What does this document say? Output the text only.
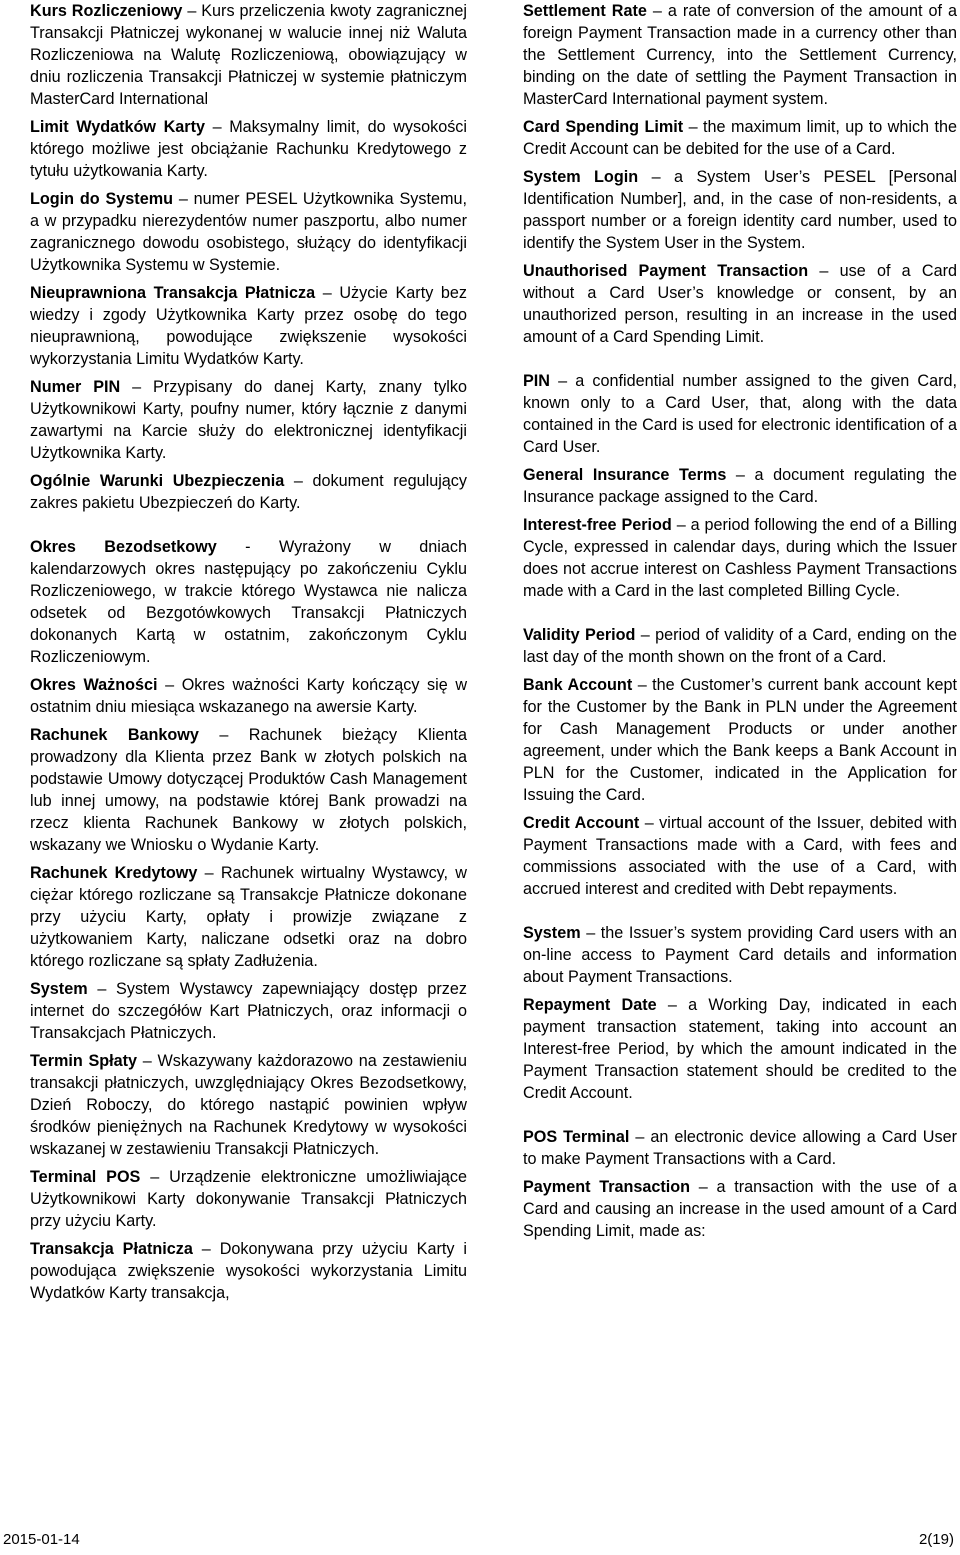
Kurs Rozliczeniowy – Kurs przeliczenia kwoty zagranicznej Transakcji Płatniczej wykonanej w walucie innej niż Waluta Rozliczeniowa na Walutę Rozliczeniową, obowiązujący w dniu rozliczenia Transakcji Płatniczej w systemie płatniczym MasterCard International

Limit Wydatków Karty – Maksymalny limit, do wysokości którego możliwe jest obciążanie Rachunku Kredytowego z tytułu użytkowania Karty.

Login do Systemu – numer PESEL Użytkownika Systemu, a w przypadku nierezydentów numer paszportu, albo numer zagranicznego dowodu osobistego, służący do identyfikacji Użytkownika Systemu w Systemie.

Nieuprawniona Transakcja Płatnicza – Użycie Karty bez wiedzy i zgody Użytkownika Karty przez osobę do tego nieuprawnioną, powodujące zwiększenie wysokości wykorzystania Limitu Wydatków Karty.

Numer PIN – Przypisany do danej Karty, znany tylko Użytkownikowi Karty, poufny numer, który łącznie z danymi zawartymi na Karcie służy do elektronicznej identyfikacji Użytkownika Karty.

Ogólnie Warunki Ubezpieczenia – dokument regulujący zakres pakietu Ubezpieczeń do Karty.

Okres Bezodsetkowy - Wyrażony w dniach kalendarzowych okres następujący po zakończeniu Cyklu Rozliczeniowego, w trakcie którego Wystawca nie nalicza odsetek od Bezgotówkowych Transakcji Płatniczych dokonanych Kartą w ostatnim, zakończonym Cyklu Rozliczeniowym.

Okres Ważności – Okres ważności Karty kończący się w ostatnim dniu miesiąca wskazanego na awersie Karty.

Rachunek Bankowy – Rachunek bieżący Klienta prowadzony dla Klienta przez Bank w złotych polskich na podstawie Umowy dotyczącej Produktów Cash Management lub innej umowy, na podstawie której Bank prowadzi na rzecz klienta Rachunek Bankowy w złotych polskich, wskazany we Wniosku o Wydanie Karty.

Rachunek Kredytowy – Rachunek wirtualny Wystawcy, w ciężar którego rozliczane są Transakcje Płatnicze dokonane przy użyciu Karty, opłaty i prowizje związane z użytkowaniem Karty, naliczane odsetki oraz na dobro którego rozliczane są spłaty Zadłużenia.

System – System Wystawcy zapewniający dostęp przez internet do szczegółów Kart Płatniczych, oraz informacji o Transakcjach Płatniczych.

Termin Spłaty – Wskazywany każdorazowo na zestawieniu transakcji płatniczych, uwzględniający Okres Bezodsetkowy, Dzień Roboczy, do którego nastąpić powinien wpływ środków pieniężnych na Rachunek Kredytowy w wysokości wskazanej w zestawieniu Transakcji Płatniczych.

Terminal POS – Urządzenie elektroniczne umożliwiające Użytkownikowi Karty dokonywanie Transakcji Płatniczych przy użyciu Karty.

Transakcja Płatnicza – Dokonywana przy użyciu Karty i powodująca zwiększenie wysokości wykorzystania Limitu Wydatków Karty transakcja,

Settlement Rate – a rate of conversion of the amount of a foreign Payment Transaction made in a currency other than the Settlement Currency, into the Settlement Currency, binding on the date of settling the Payment Transaction in MasterCard International payment system.

Card Spending Limit – the maximum limit, up to which the Credit Account can be debited for the use of a Card.

System Login – a System User’s PESEL [Personal Identification Number], and, in the case of non-residents, a passport number or a foreign identity card number, used to identify the System User in the System.

Unauthorised Payment Transaction – use of a Card without a Card User’s knowledge or consent, by an unauthorized person, resulting in an increase in the used amount of a Card Spending Limit.

PIN – a confidential number assigned to the given Card, known only to a Card User, that, along with the data contained in the Card is used for electronic identification of a Card User.

General Insurance Terms – a document regulating the Insurance package assigned to the Card.

Interest-free Period – a period following the end of a Billing Cycle, expressed in calendar days, during which the Issuer does not accrue interest on Cashless Payment Transactions made with a Card in the last completed Billing Cycle.

Validity Period – period of validity of a Card, ending on the last day of the month shown on the front of a Card.

Bank Account – the Customer’s current bank account kept for the Customer by the Bank in PLN under the Agreement for Cash Management Products or under another agreement, under which the Bank keeps a Bank Account in PLN for the Customer, indicated in the Application for Issuing the Card.

Credit Account – virtual account of the Issuer, debited with Payment Transactions made with a Card, with fees and commissions associated with the use of a Card, with accrued interest and credited with Debt repayments.

System – the Issuer’s system providing Card users with an on-line access to Payment Card details and information about Payment Transactions.

Repayment Date – a Working Day, indicated in each payment transaction statement, taking into account an Interest-free Period, by which the amount indicated in the Payment Transaction statement should be credited to the Credit Account.

POS Terminal – an electronic device allowing a Card User to make Payment Transactions with a Card.

Payment Transaction – a transaction with the use of a Card and causing an increase in the used amount of a Card Spending Limit, made as:

2015-01-14	2(19)
